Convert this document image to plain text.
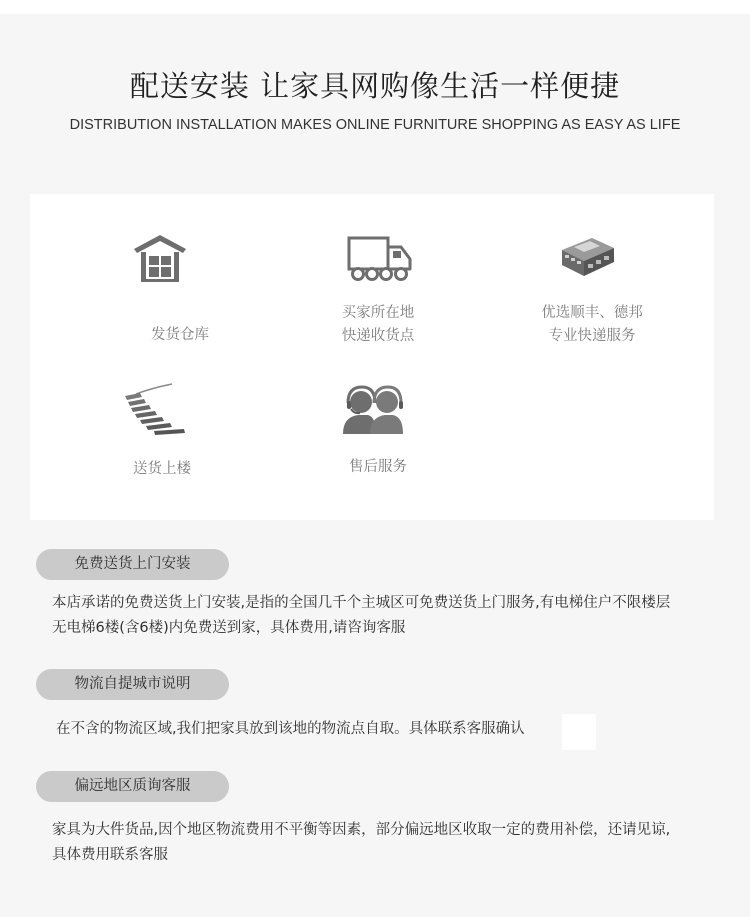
配送安装 让家具网购像生活一样便捷
DISTRIBUTION INSTALLATION MAKES ONLINE FURNITURE SHOPPING AS EASY AS LIFE
发货仓库
买家所在地
快递收货点
优选顺丰、德邦
专业快递服务
送货上楼	售后服务
免费送货上门安装
本店承诺的免费送货上门安装,是指的全国几千个主城区可免费送货上门服务,有电梯住户不限楼层
无电梯6楼(含6楼)内免费送到家，具体费用,请咨询客服
物流自提城市说明
在不含的物流区域,我们把家具放到该地的物流点自取。具体联系客服确认
偏远地区质询客服
家具为大件货品,因个地区物流费用不平衡等因素，部分偏远地区收取一定的费用补偿，还请见谅,
具体费用联系客服
